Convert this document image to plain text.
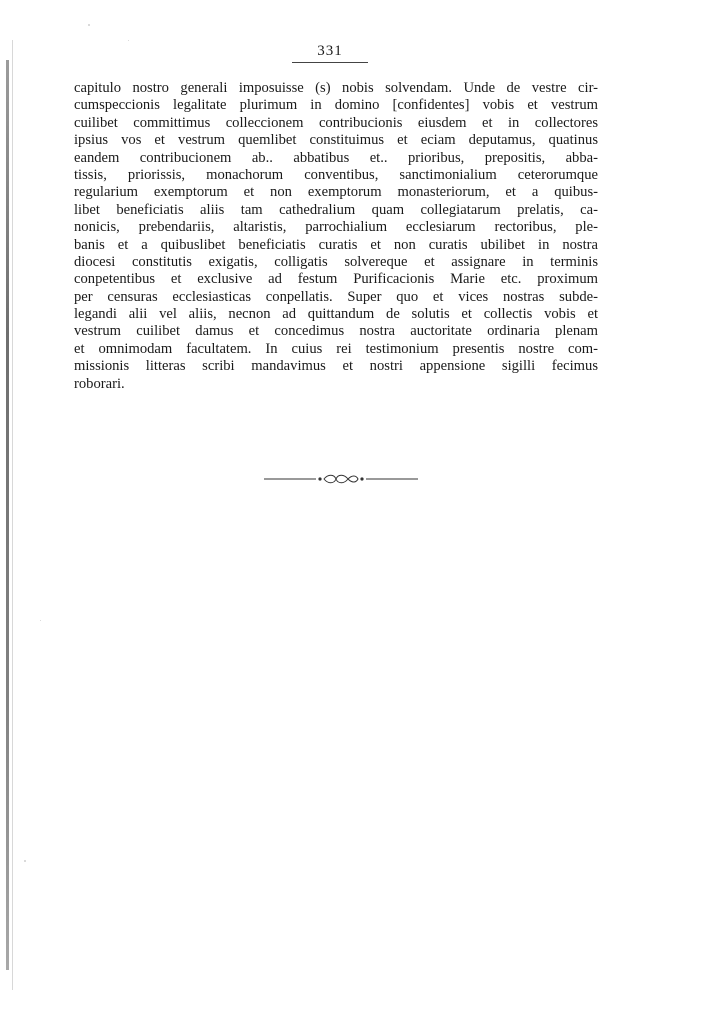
331
capitulo nostro generali imposuisse (s) nobis solvendam. Unde de vestre cir-
cumspeccionis legalitate plurimum in domino [confidentes] vobis et vestrum
cuilibet committimus colleccionem contribucionis eiusdem et in collectores
ipsius vos et vestrum quemlibet constituimus et eciam deputamus, quatinus
eandem contribucionem ab.. abbatibus et.. prioribus, prepositis, abba-
tissis, priorissis, monachorum conventibus, sanctimonialium ceterorumque
regularium exemptorum et non exemptorum monasteriorum, et a quibus-
libet beneficiatis aliis tam cathedralium quam collegiatarum prelatis, ca-
nonicis, prebendariis, altaristis, parrochialium ecclesiarum rectoribus, ple-
banis et a quibuslibet beneficiatis curatis et non curatis ubilibet in nostra
diocesi constitutis exigatis, colligatis solvereque et assignare in terminis
conpetentibus et exclusive ad festum Purificacionis Marie etc. proximum
per censuras ecclesiasticas conpellatis. Super quo et vices nostras subde-
legandi alii vel aliis, necnon ad quittandum de solutis et collectis vobis et
vestrum cuilibet damus et concedimus nostra auctoritate ordinaria plenam
et omnimodam facultatem. In cuius rei testimonium presentis nostre com-
missionis litteras scribi mandavimus et nostri appensione sigilli fecimus
roborari.
